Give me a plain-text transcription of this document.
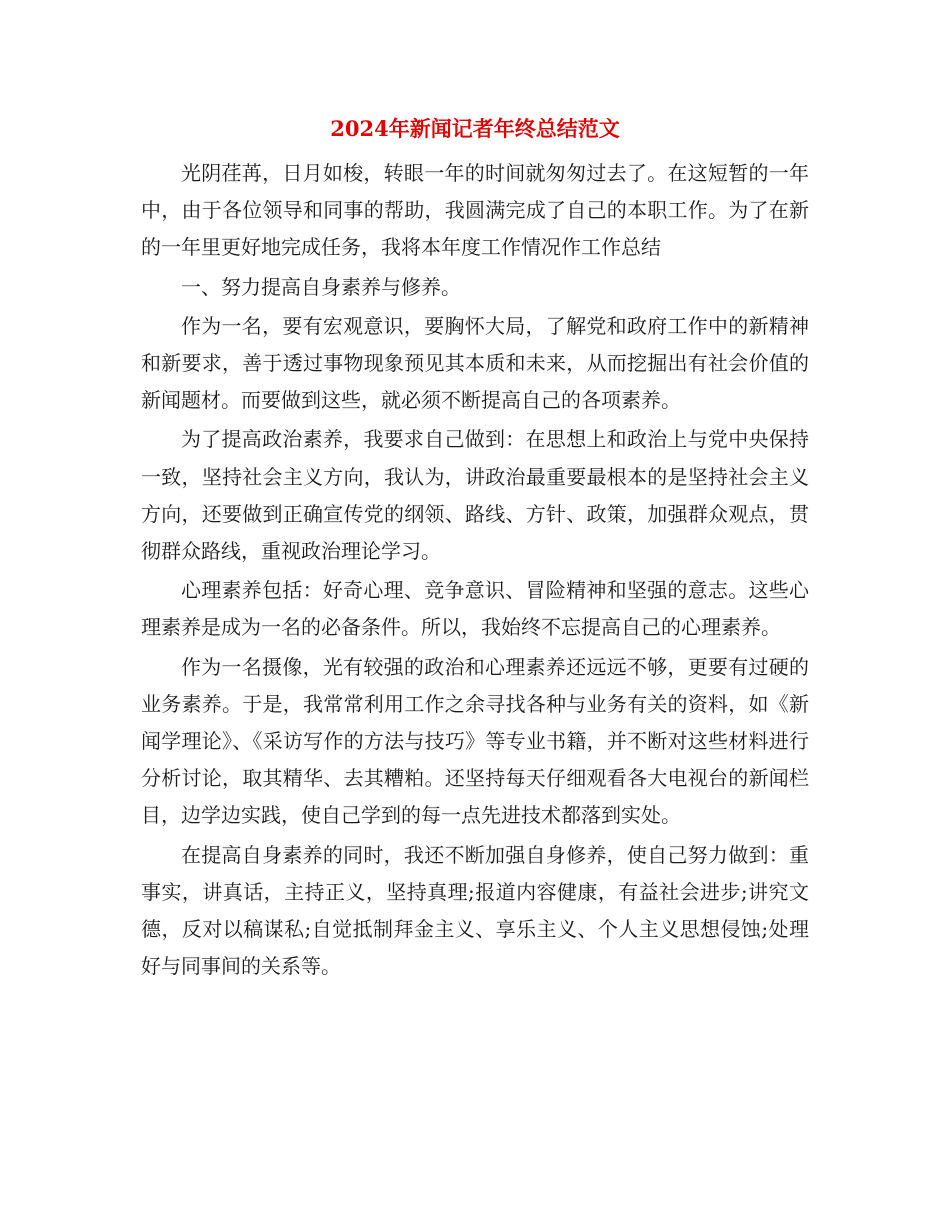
2024年新闻记者年终总结范文

光阴荏苒，日月如梭，转眼一年的时间就匆匆过去了。在这短暂的一年中，由于各位领导和同事的帮助，我圆满完成了自己的本职工作。为了在新的一年里更好地完成任务，我将本年度工作情况作工作总结

一、努力提高自身素养与修养。

作为一名，要有宏观意识，要胸怀大局，了解党和政府工作中的新精神和新要求，善于透过事物现象预见其本质和未来，从而挖掘出有社会价值的新闻题材。而要做到这些，就必须不断提高自己的各项素养。

为了提高政治素养，我要求自己做到：在思想上和政治上与党中央保持一致，坚持社会主义方向，我认为，讲政治最重要最根本的是坚持社会主义方向，还要做到正确宣传党的纲领、路线、方针、政策，加强群众观点，贯彻群众路线，重视政治理论学习。

心理素养包括：好奇心理、竞争意识、冒险精神和坚强的意志。这些心理素养是成为一名的必备条件。所以，我始终不忘提高自己的心理素养。

作为一名摄像，光有较强的政治和心理素养还远远不够，更要有过硬的业务素养。于是，我常常利用工作之余寻找各种与业务有关的资料，如《新闻学理论》、《采访写作的方法与技巧》等专业书籍，并不断对这些材料进行分析讨论，取其精华、去其糟粕。还坚持每天仔细观看各大电视台的新闻栏目，边学边实践，使自己学到的每一点先进技术都落到实处。

在提高自身素养的同时，我还不断加强自身修养，使自己努力做到：重事实，讲真话，主持正义，坚持真理;报道内容健康，有益社会进步;讲究文德，反对以稿谋私;自觉抵制拜金主义、享乐主义、个人主义思想侵蚀;处理好与同事间的关系等。
